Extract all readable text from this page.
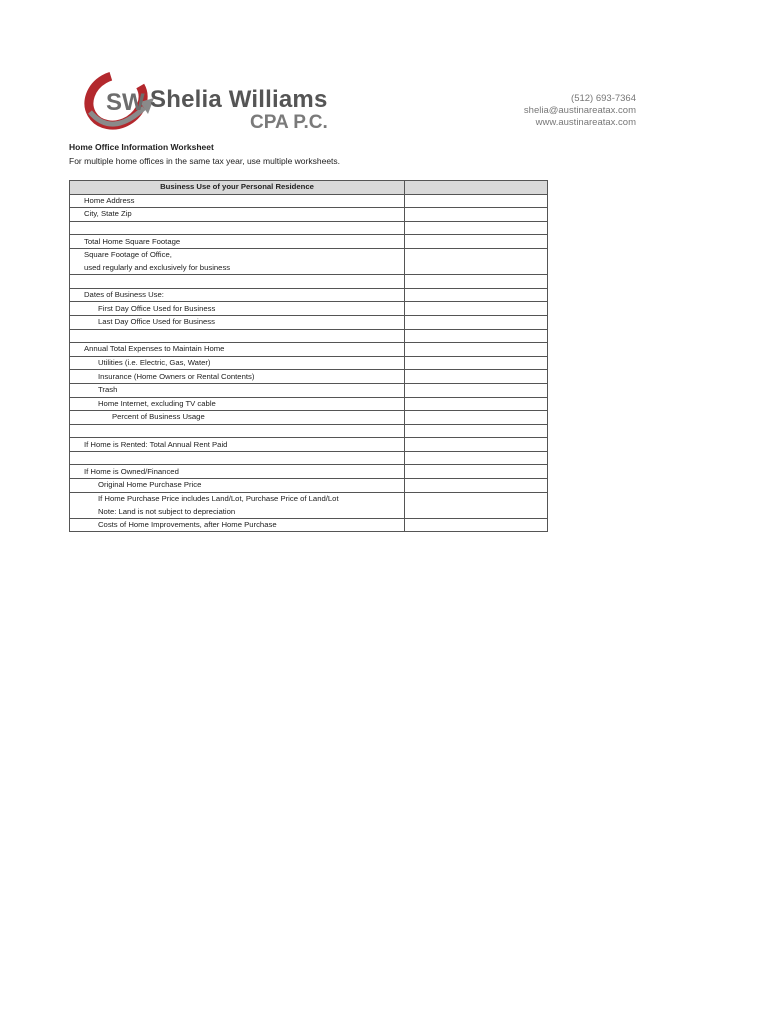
SW Shelia Williams
CPA P.C.
(512) 693-7364
shelia@austinareatax.com
www.austinareatax.com
Home Office Information Worksheet
For multiple home offices in the same tax year, use multiple worksheets.
Business Use of your Personal Residence	
Home Address	
City, State Zip	

Total Home Square Footage	
Square Footage of Office,	
used regularly and exclusively for business	

Dates of Business Use:	
First Day Office Used for Business	
Last Day Office Used for Business	

Annual Total Expenses to Maintain Home	
Utilities (i.e. Electric, Gas, Water)	
Insurance (Home Owners or Rental Contents)	
Trash	
Home Internet, excluding TV cable	
Percent of Business Usage	

If Home is Rented: Total Annual Rent Paid	

If Home is Owned/Financed	
Original Home Purchase Price	
If Home Purchase Price includes Land/Lot, Purchase Price of Land/Lot	
Note: Land is not subject to depreciation	
Costs of Home Improvements, after Home Purchase	
